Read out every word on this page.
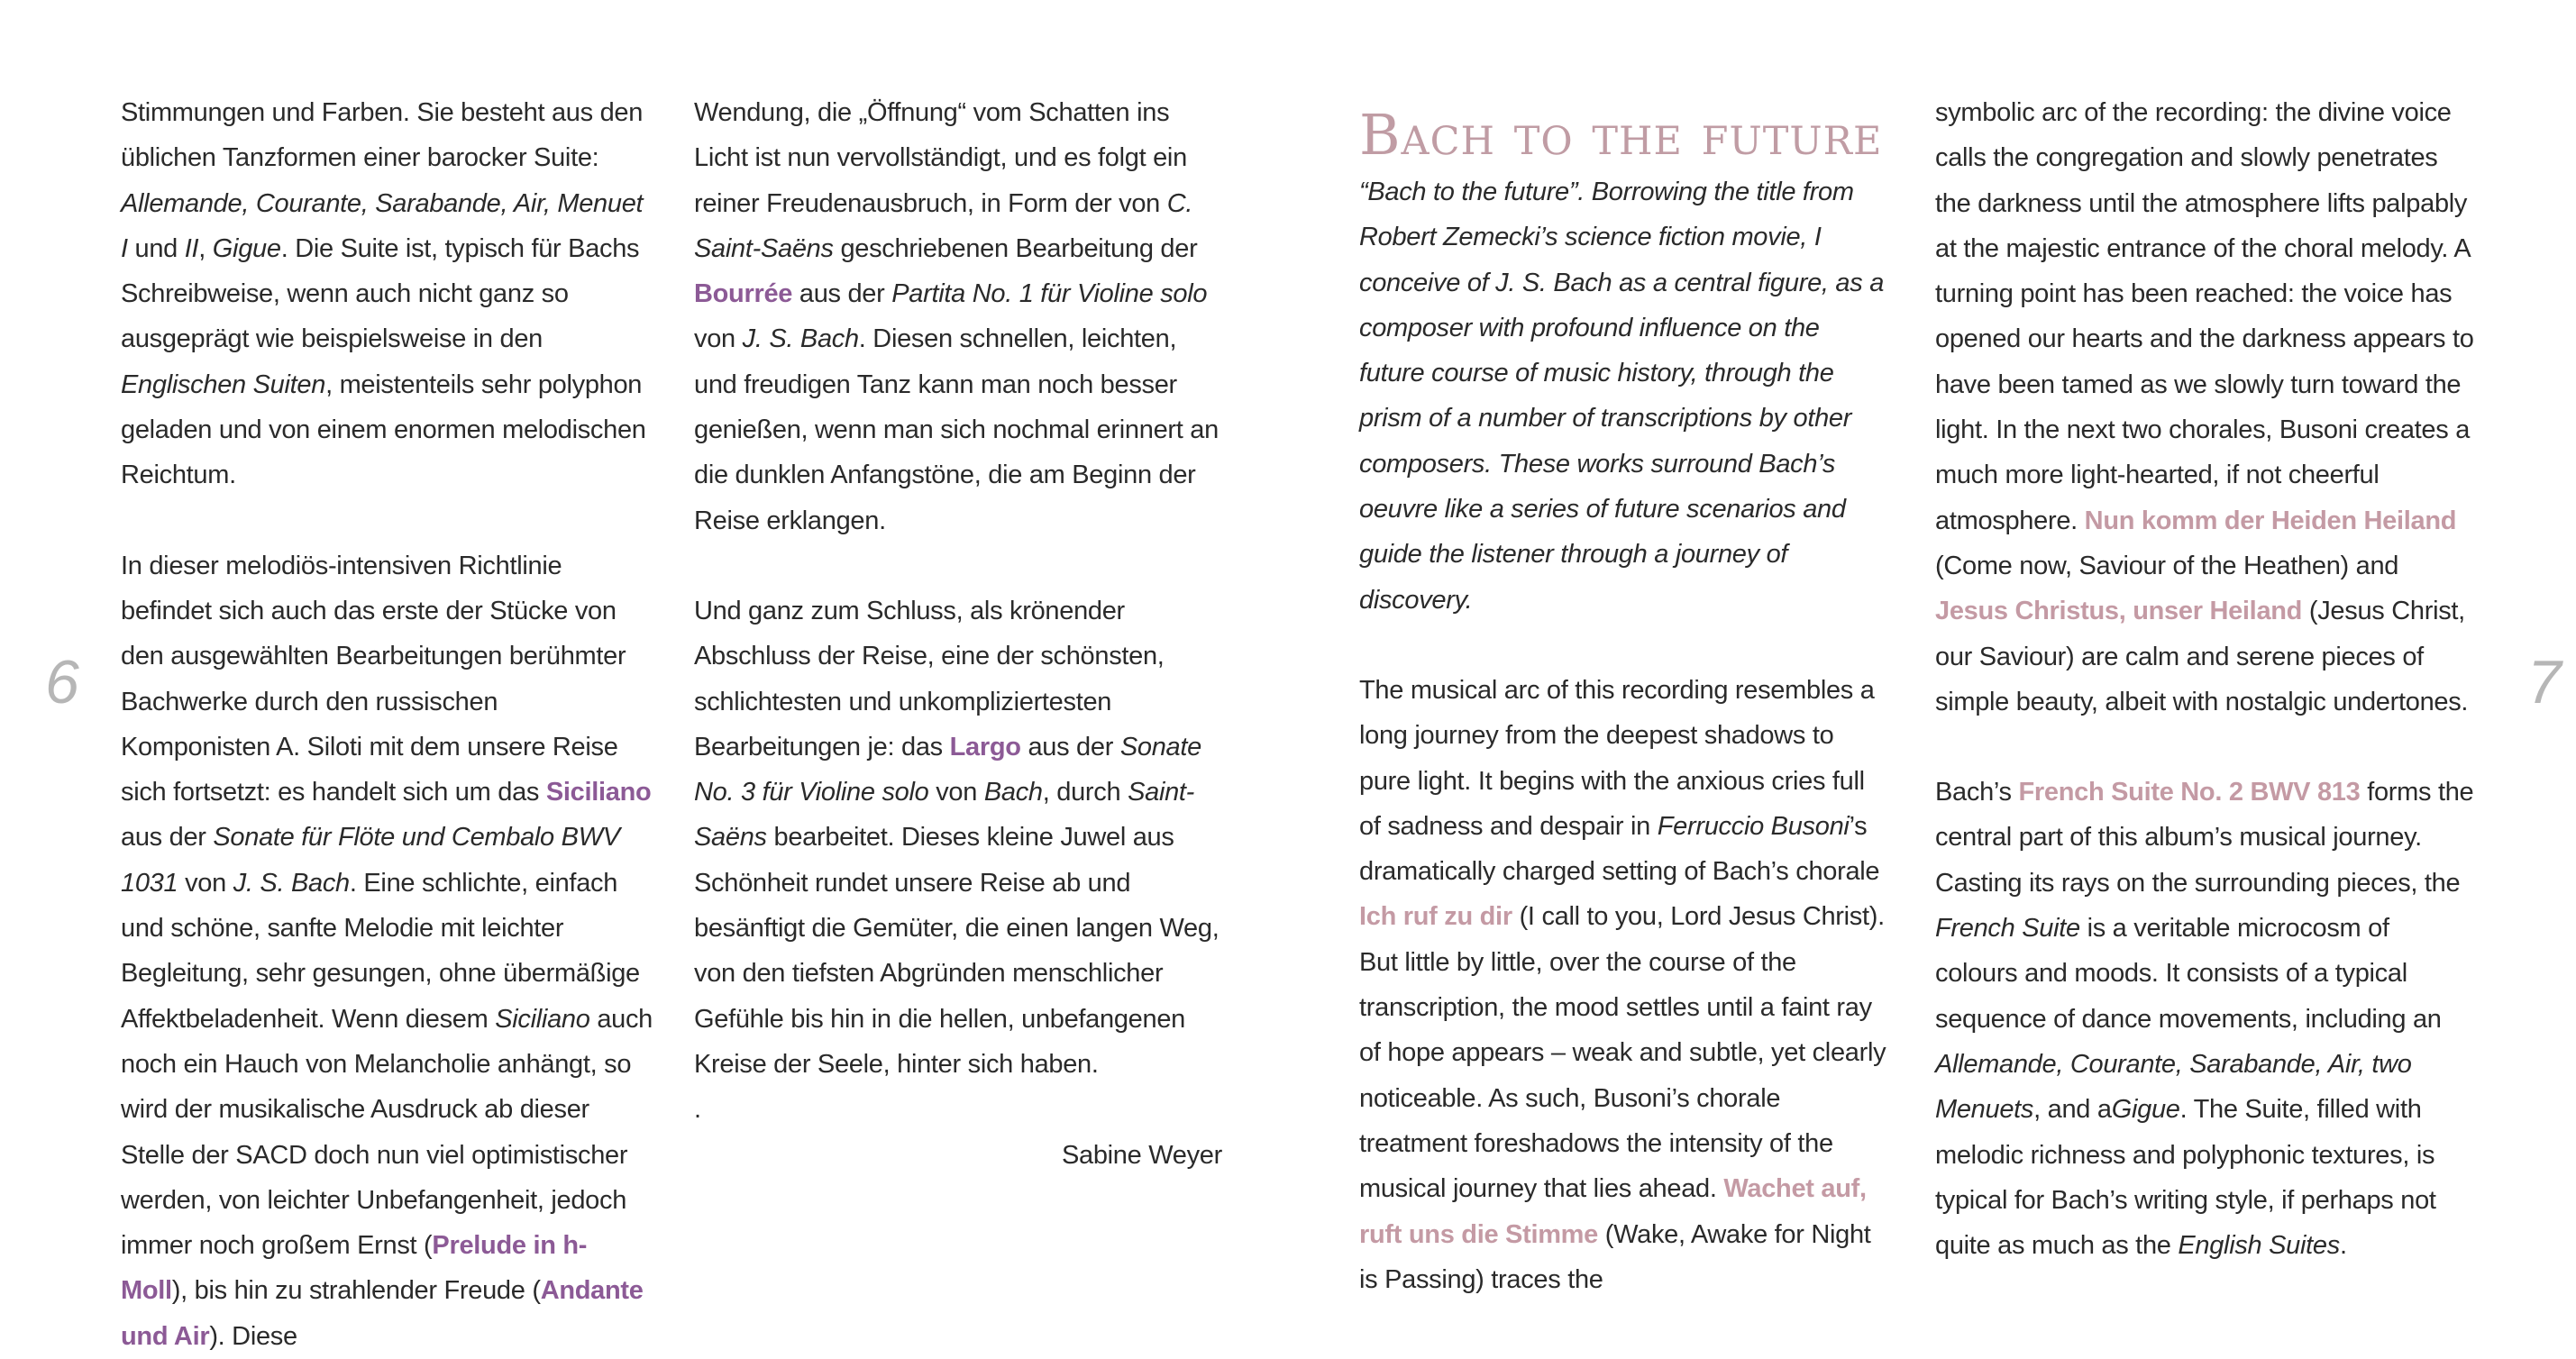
6	7

Stimmungen und Farben. Sie besteht aus den üblichen Tanzformen einer barocker Suite: Allemande, Courante, Sarabande, Air, Menuet I und II, Gigue. Die Suite ist, typisch für Bachs Schreibweise, wenn auch nicht ganz so ausgeprägt wie beispielsweise in den Englischen Suiten, meistenteils sehr polyphon geladen und von einem enormen melodischen Reichtum.

In dieser melodiös-intensiven Richtlinie befindet sich auch das erste der Stücke von den ausgewählten Bearbeitungen berühmter Bachwerke durch den russischen Komponisten A. Siloti mit dem unsere Reise sich fortsetzt: es handelt sich um das Siciliano aus der Sonate für Flöte und Cembalo BWV 1031 von J. S. Bach. Eine schlichte, einfach und schöne, sanfte Melodie mit leichter Begleitung, sehr gesungen, ohne übermäßige Affektbeladenheit. Wenn diesem Siciliano auch noch ein Hauch von Melancholie anhängt, so wird der musikalische Ausdruck ab dieser Stelle der SACD doch nun viel optimistischer werden, von leichter Unbefangenheit, jedoch immer noch großem Ernst (Prelude in h-Moll), bis hin zu strahlender Freude (Andante und Air). Diese

Wendung, die „Öffnung“ vom Schatten ins Licht ist nun vervollständigt, und es folgt ein reiner Freudenausbruch, in Form der von C. Saint-Saëns geschriebenen Bearbeitung der Bourrée aus der Partita No. 1 für Violine solo von J. S. Bach. Diesen schnellen, leichten, und freudigen Tanz kann man noch besser genießen, wenn man sich nochmal erinnert an die dunklen Anfangstöne, die am Beginn der Reise erklangen.

Und ganz zum Schluss, als krönender Abschluss der Reise, eine der schönsten, schlichtesten und unkompliziertesten Bearbeitungen je: das Largo aus der Sonate No. 3 für Violine solo von Bach, durch Saint-Saëns bearbeitet. Dieses kleine Juwel aus Schönheit rundet unsere Reise ab und besänftigt die Gemüter, die einen langen Weg, von den tiefsten Abgründen menschlicher Gefühle bis hin in die hellen, unbefangenen Kreise der Seele, hinter sich haben.

.

Sabine Weyer

Bach to the future

“Bach to the future”. Borrowing the title from Robert Zemecki’s science fiction movie, I conceive of J. S. Bach as a central figure, as a composer with profound influence on the future course of music history, through the prism of a number of transcriptions by other composers. These works surround Bach’s oeuvre like a series of future scenarios and guide the listener through a journey of discovery.

The musical arc of this recording resembles a long journey from the deepest shadows to pure light. It begins with the anxious cries full of sadness and despair in Ferruccio Busoni’s dramatically charged setting of Bach’s chorale Ich ruf zu dir (I call to you, Lord Jesus Christ). But little by little, over the course of the transcription, the mood settles until a faint ray of hope appears – weak and subtle, yet clearly noticeable. As such, Busoni’s chorale treatment foreshadows the intensity of the musical journey that lies ahead. Wachet auf, ruft uns die Stimme (Wake, Awake for Night is Passing) traces the

symbolic arc of the recording: the divine voice calls the congregation and slowly penetrates the darkness until the atmosphere lifts palpably at the majestic entrance of the choral melody. A turning point has been reached: the voice has opened our hearts and the darkness appears to have been tamed as we slowly turn toward the light. In the next two chorales, Busoni creates a much more light-hearted, if not cheerful atmosphere. Nun komm der Heiden Heiland (Come now, Saviour of the Heathen) and Jesus Christus, unser Heiland (Jesus Christ, our Saviour) are calm and serene pieces of simple beauty, albeit with nostalgic undertones.

Bach’s French Suite No. 2 BWV 813 forms the central part of this album’s musical journey. Casting its rays on the surrounding pieces, the French Suite is a veritable microcosm of colours and moods. It consists of a typical sequence of dance movements, including an Allemande, Courante, Sarabande, Air, two Menuets, and aGigue. The Suite, filled with melodic richness and polyphonic textures, is typical for Bach’s writing style, if perhaps not quite as much as the English Suites.
